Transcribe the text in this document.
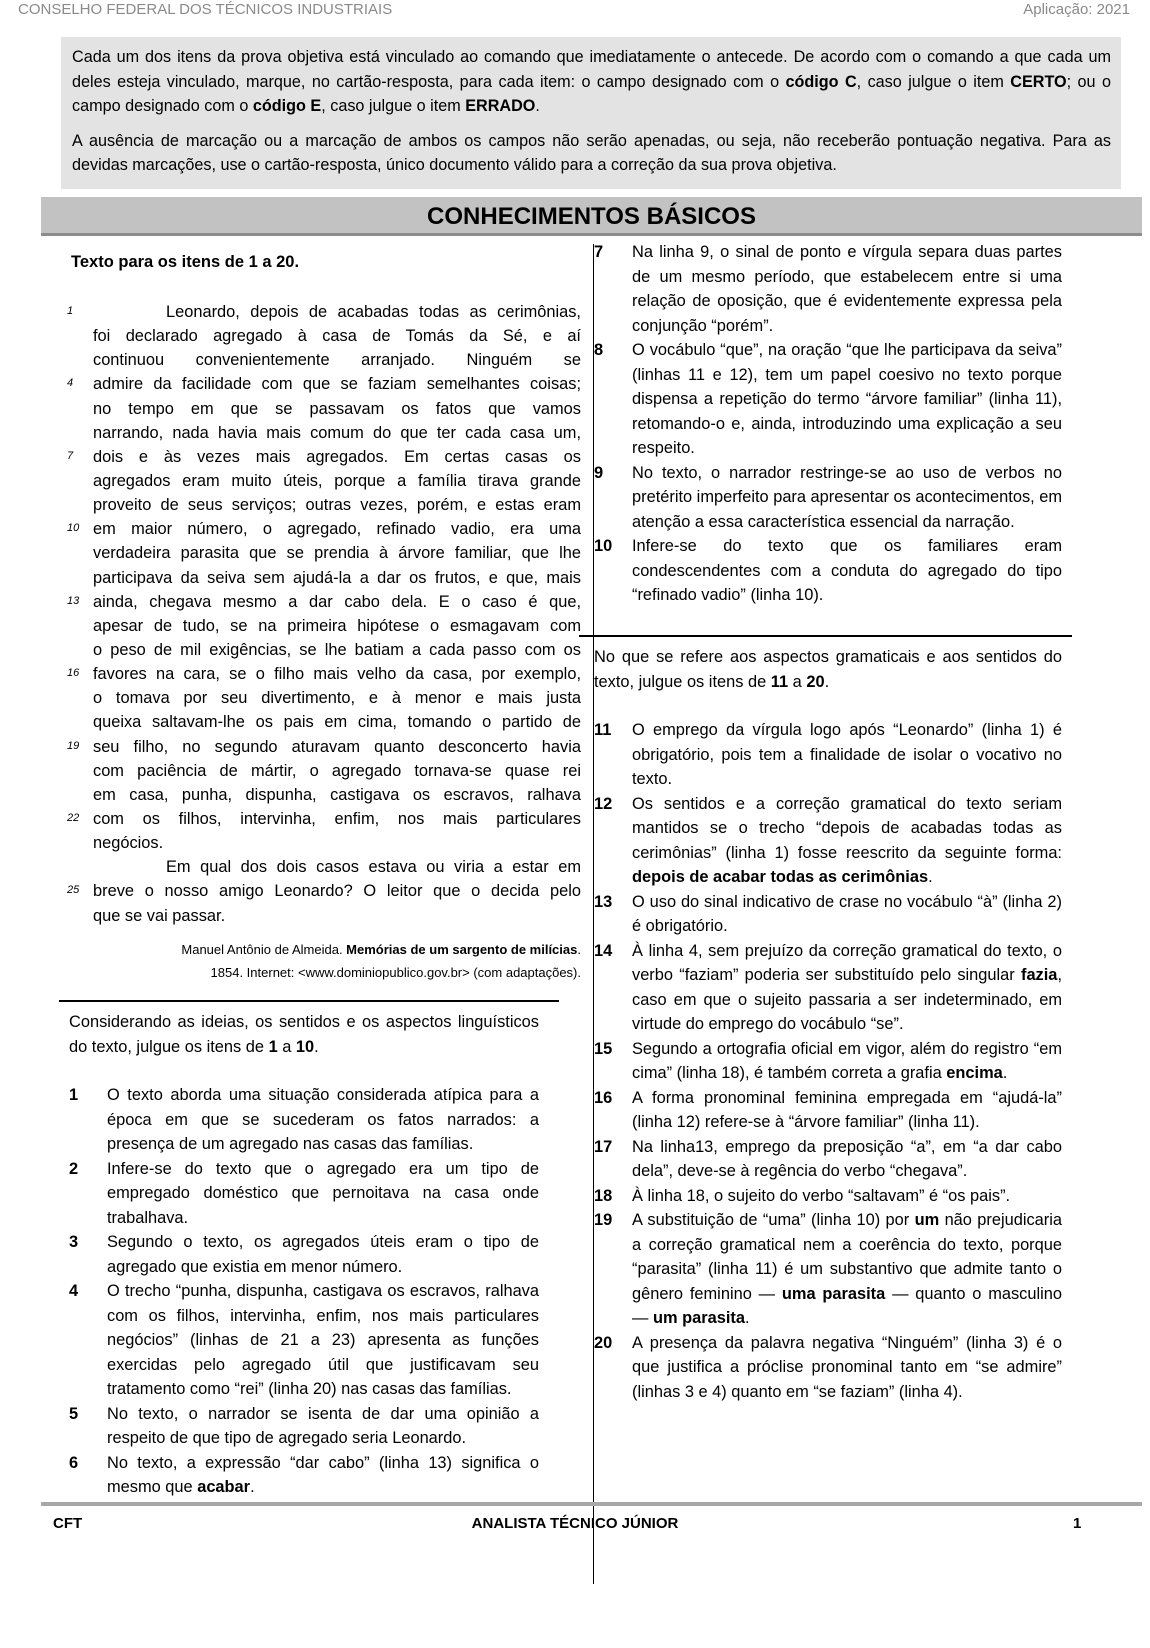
CONSELHO FEDERAL DOS TÉCNICOS INDUSTRIAIS	Aplicação: 2021

Cada um dos itens da prova objetiva está vinculado ao comando que imediatamente o antecede. De acordo com o comando a que cada um deles esteja vinculado, marque, no cartão-resposta, para cada item: o campo designado com o código C, caso julgue o item CERTO; ou o campo designado com o código E, caso julgue o item ERRADO.

A ausência de marcação ou a marcação de ambos os campos não serão apenadas, ou seja, não receberão pontuação negativa. Para as devidas marcações, use o cartão-resposta, único documento válido para a correção da sua prova objetiva.

CONHECIMENTOS BÁSICOS

Texto para os itens de 1 a 20.

1	Leonardo, depois de acabadas todas as cerimônias,
foi declarado agregado à casa de Tomás da Sé, e aí
continuou convenientemente arranjado. Ninguém se
4	admire da facilidade com que se faziam semelhantes coisas;
no tempo em que se passavam os fatos que vamos
narrando, nada havia mais comum do que ter cada casa um,
7	dois e às vezes mais agregados. Em certas casas os
agregados eram muito úteis, porque a família tirava grande
proveito de seus serviços; outras vezes, porém, e estas eram
10 em maior número, o agregado, refinado vadio, era uma
verdadeira parasita que se prendia à árvore familiar, que lhe
participava da seiva sem ajudá-la a dar os frutos, e que, mais
13 ainda, chegava mesmo a dar cabo dela. E o caso é que,
apesar de tudo, se na primeira hipótese o esmagavam com
o peso de mil exigências, se lhe batiam a cada passo com os
16 favores na cara, se o filho mais velho da casa, por exemplo,
o tomava por seu divertimento, e à menor e mais justa
queixa saltavam-lhe os pais em cima, tomando o partido de
19 seu filho, no segundo aturavam quanto desconcerto havia
com paciência de mártir, o agregado tornava-se quase rei
em casa, punha, dispunha, castigava os escravos, ralhava
22 com os filhos, intervinha, enfim, nos mais particulares
negócios.
Em qual dos dois casos estava ou viria a estar em
25 breve o nosso amigo Leonardo? O leitor que o decida pelo
que se vai passar.
Manuel Antônio de Almeida. Memórias de um sargento de milícias.
1854. Internet: <www.dominiopublico.gov.br> (com adaptações).

Considerando as ideias, os sentidos e os aspectos linguísticos do texto, julgue os itens de 1 a 10.

1	O texto aborda uma situação considerada atípica para a época em que se sucederam os fatos narrados: a presença de um agregado nas casas das famílias.
2	Infere-se do texto que o agregado era um tipo de empregado doméstico que pernoitava na casa onde trabalhava.
3	Segundo o texto, os agregados úteis eram o tipo de agregado que existia em menor número.
4	O trecho “punha, dispunha, castigava os escravos, ralhava com os filhos, intervinha, enfim, nos mais particulares negócios” (linhas de 21 a 23) apresenta as funções exercidas pelo agregado útil que justificavam seu tratamento como “rei” (linha 20) nas casas das famílias.
5	No texto, o narrador se isenta de dar uma opinião a respeito de que tipo de agregado seria Leonardo.
6	No texto, a expressão “dar cabo” (linha 13) significa o mesmo que acabar.
7	Na linha 9, o sinal de ponto e vírgula separa duas partes de um mesmo período, que estabelecem entre si uma relação de oposição, que é evidentemente expressa pela conjunção “porém”.
8	O vocábulo “que”, na oração “que lhe participava da seiva” (linhas 11 e 12), tem um papel coesivo no texto porque dispensa a repetição do termo “árvore familiar” (linha 11), retomando-o e, ainda, introduzindo uma explicação a seu respeito.
9	No texto, o narrador restringe-se ao uso de verbos no pretérito imperfeito para apresentar os acontecimentos, em atenção a essa característica essencial da narração.
10	Infere-se do texto que os familiares eram condescendentes com a conduta do agregado do tipo “refinado vadio” (linha 10).

No que se refere aos aspectos gramaticais e aos sentidos do texto, julgue os itens de 11 a 20.

11	O emprego da vírgula logo após “Leonardo” (linha 1) é obrigatório, pois tem a finalidade de isolar o vocativo no texto.
12	Os sentidos e a correção gramatical do texto seriam mantidos se o trecho “depois de acabadas todas as cerimônias” (linha 1) fosse reescrito da seguinte forma: depois de acabar todas as cerimônias.
13	O uso do sinal indicativo de crase no vocábulo “à” (linha 2) é obrigatório.
14	À linha 4, sem prejuízo da correção gramatical do texto, o verbo “faziam” poderia ser substituído pelo singular fazia, caso em que o sujeito passaria a ser indeterminado, em virtude do emprego do vocábulo “se”.
15	Segundo a ortografia oficial em vigor, além do registro “em cima” (linha 18), é também correta a grafia encima.
16	A forma pronominal feminina empregada em “ajudá-la” (linha 12) refere-se à “árvore familiar” (linha 11).
17	Na linha13, emprego da preposição “a”, em “a dar cabo dela”, deve-se à regência do verbo “chegava”.
18	À linha 18, o sujeito do verbo “saltavam” é “os pais”.
19	A substituição de “uma” (linha 10) por um não prejudicaria a correção gramatical nem a coerência do texto, porque “parasita” (linha 11) é um substantivo que admite tanto o gênero feminino — uma parasita — quanto o masculino — um parasita.
20	A presença da palavra negativa “Ninguém” (linha 3) é o que justifica a próclise pronominal tanto em “se admire” (linhas 3 e 4) quanto em “se faziam” (linha 4).
CFT	ANALISTA TÉCNICO JÚNIOR	1
